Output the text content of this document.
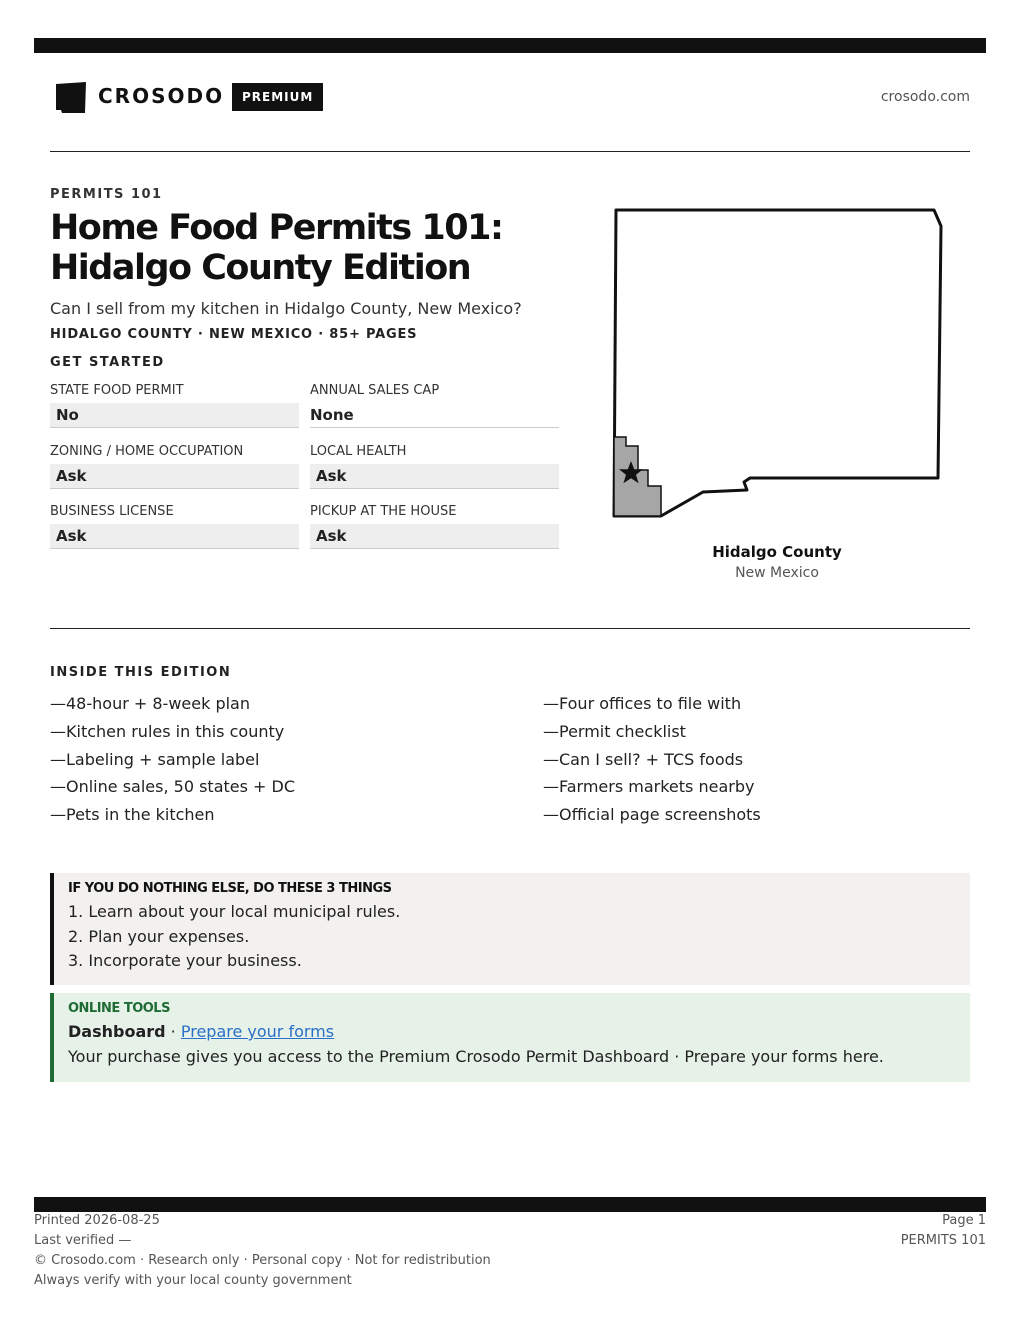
CROSODO	PREMIUM	crosodo.com
PERMITS 101
Home Food Permits 101: Hidalgo County Edition
Can I sell from my kitchen in Hidalgo County, New Mexico?
HIDALGO COUNTY · NEW MEXICO · 85+ PAGES
GET STARTED
STATE FOOD PERMIT
No
ANNUAL SALES CAP
None
ZONING / HOME OCCUPATION
Ask
LOCAL HEALTH
Ask
BUSINESS LICENSE
Ask
PICKUP AT THE HOUSE
Ask
Hidalgo County
New Mexico
INSIDE THIS EDITION
—48-hour + 8-week plan
—Kitchen rules in this county
—Labeling + sample label
—Online sales, 50 states + DC
—Pets in the kitchen
—Four offices to file with
—Permit checklist
—Can I sell? + TCS foods
—Farmers markets nearby
—Official page screenshots
IF YOU DO NOTHING ELSE, DO THESE 3 THINGS
1. Learn about your local municipal rules.
2. Plan your expenses.
3. Incorporate your business.
ONLINE TOOLS
Dashboard · Prepare your forms
Your purchase gives you access to the Premium Crosodo Permit Dashboard · Prepare your forms here.
Printed 2026-08-25
Last verified —
© Crosodo.com · Research only · Personal copy · Not for redistribution
Always verify with your local county government
Page 1
PERMITS 101
